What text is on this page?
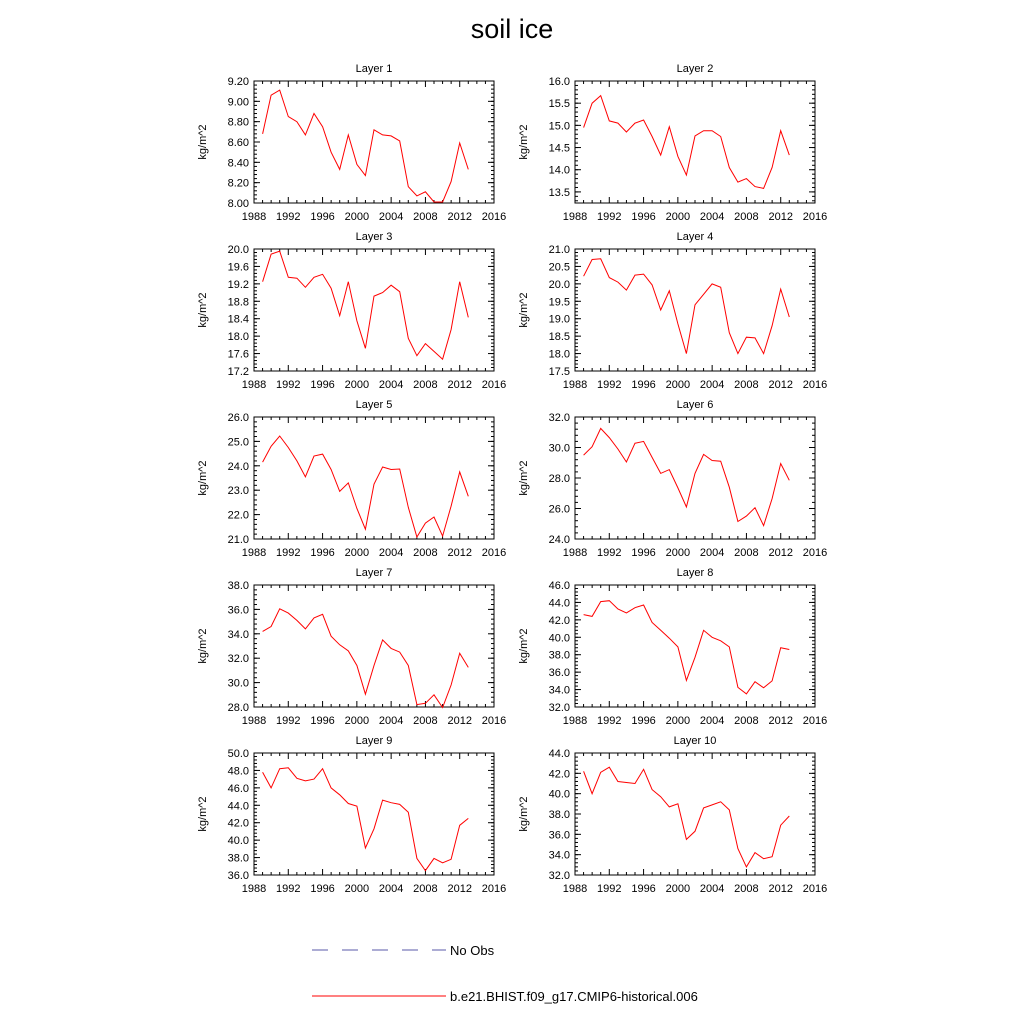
soil ice
Layer 1
1988 1992 1996 2000 2004 2008 2012 2016
8.00
8.20
8.40
8.60
8.80
9.00
9.20
kg/m^2
Layer 2
1988 1992 1996 2000 2004 2008 2012 2016
13.5
14.0
14.5
15.0
15.5
16.0
kg/m^2
Layer 3
1988 1992 1996 2000 2004 2008 2012 2016
17.2
17.6
18.0
18.4
18.8
19.2
19.6
20.0
kg/m^2
Layer 4
1988 1992 1996 2000 2004 2008 2012 2016
17.5
18.0
18.5
19.0
19.5
20.0
20.5
21.0
kg/m^2
Layer 5
1988 1992 1996 2000 2004 2008 2012 2016
21.0
22.0
23.0
24.0
25.0
26.0
kg/m^2
Layer 6
1988 1992 1996 2000 2004 2008 2012 2016
24.0
26.0
28.0
30.0
32.0
kg/m^2
Layer 7
1988 1992 1996 2000 2004 2008 2012 2016
28.0
30.0
32.0
34.0
36.0
38.0
kg/m^2
Layer 8
1988 1992 1996 2000 2004 2008 2012 2016
32.0
34.0
36.0
38.0
40.0
42.0
44.0
46.0
kg/m^2
Layer 9
1988 1992 1996 2000 2004 2008 2012 2016
36.0
38.0
40.0
42.0
44.0
46.0
48.0
50.0
kg/m^2
Layer 10
1988 1992 1996 2000 2004 2008 2012 2016
32.0
34.0
36.0
38.0
40.0
42.0
44.0
kg/m^2
No Obs
b.e21.BHIST.f09_g17.CMIP6-historical.006
